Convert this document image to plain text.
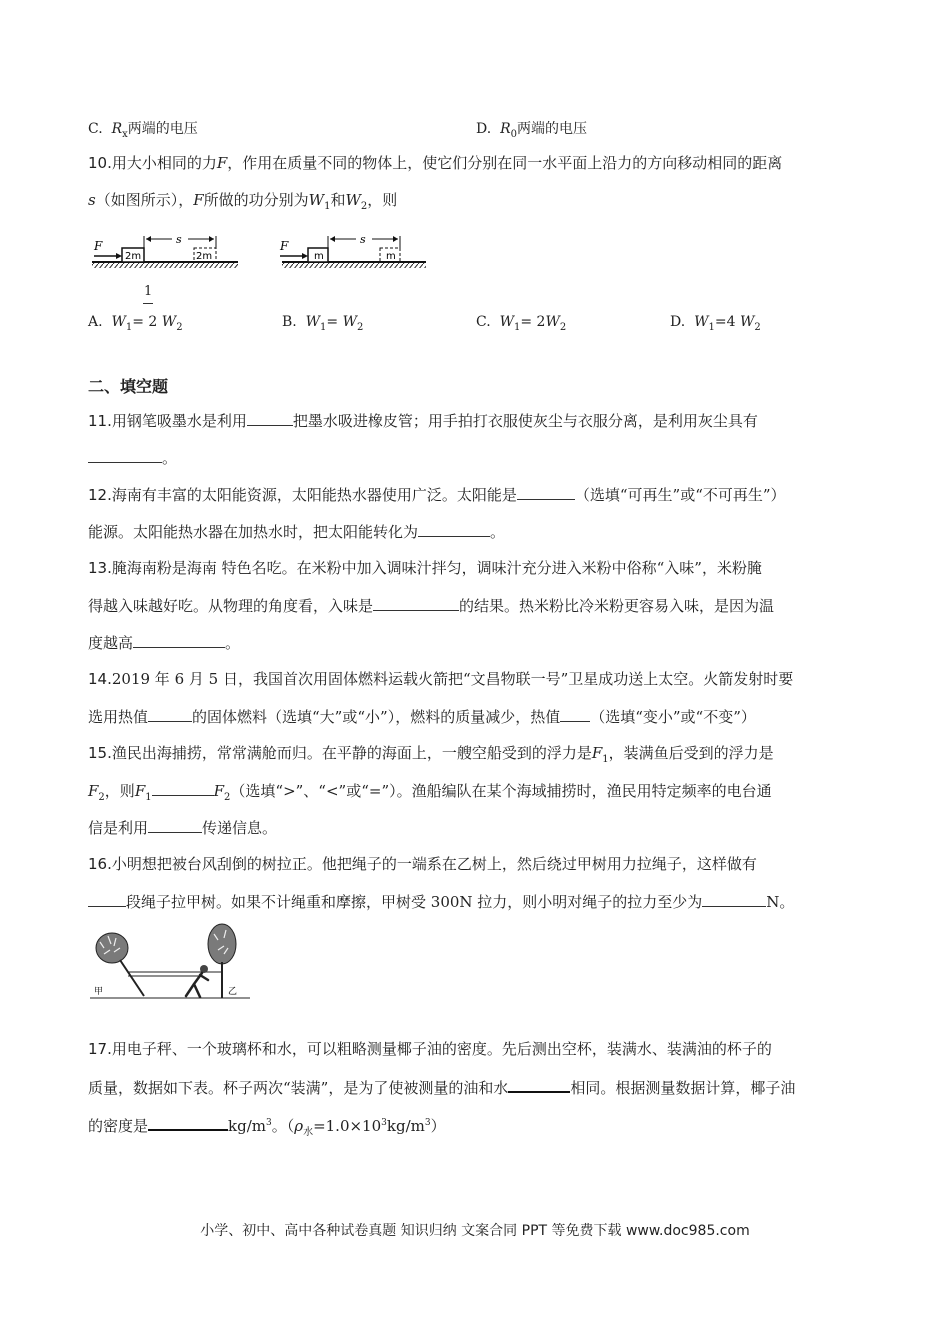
C. $R_x$两端的电压	D. $R_0$两端的电压
10.用大小相同的力F，作用在质量不同的物体上，使它们分别在同一水平面上沿力的方向移动相同的距离
s（如图所示），F所做的功分别为$W_1$和$W_2$，则
F
2m
s
2m
F
m
s
m
1
A. $W_1= 2$ $W_2$	B. $W_1= W_2$	C. $W_1= 2W_2$	D. $W_1=4$ $W_2$
二、填空题
11.用钢笔吸墨水是利用	把墨水吸进橡皮管；用手拍打衣服使灰尘与衣服分离，是利用灰尘具有
。
12.海南有丰富的太阳能资源，太阳能热水器使用广泛。太阳能是	（选填“可再生”或“不可再生”）
能源。太阳能热水器在加热水时，把太阳能转化为	。
13.腌海南粉是海南 特色名吃。在米粉中加入调味汁拌匀，调味汁充分进入米粉中俗称“入味”，米粉腌
得越入味越好吃。从物理的角度看，入味是	的结果。热米粉比冷米粉更容易入味，是因为温
度越高	。
14.2019 年 6 月 5 日，我国首次用固体燃料运载火箭把“文昌物联一号”卫星成功送上太空。火箭发射时要
选用热值	的固体燃料（选填“大”或“小”），燃料的质量减少，热值 （选填“变小”或“不变”）
15.渔民出海捕捞，常常满舱而归。在平静的海面上，一艘空船受到的浮力是$F_1$，装满鱼后受到的浮力是
$F_2$，则$F_1$	$F_2$（选填“>”、“<”或“=”）。渔船编队在某个海域捕捞时，渔民用特定频率的电台通
信是利用	传递信息。
16.小明想把被台风刮倒的树拉正。他把绳子的一端系在乙树上，然后绕过甲树用力拉绳子，这样做有
段绳子拉甲树。如果不计绳重和摩擦，甲树受 300N 拉力，则小明对绳子的拉力至少为	N。
甲	乙
17.用电子秤、一个玻璃杯和水，可以粗略测量椰子油的密度。先后测出空杯，装满水、装满油的杯子的
质量，数据如下表。杯子两次“装满”，是为了使被测量的油和水	相同。根据测量数据计算，椰子油
的密度是	$kg/m^3$。$(\rho_水=1.0\times 10^3kg/m^3)$
小学、初中、高中各种试卷真题 知识归纳 文案合同 PPT 等免费下载 www.doc985.com
